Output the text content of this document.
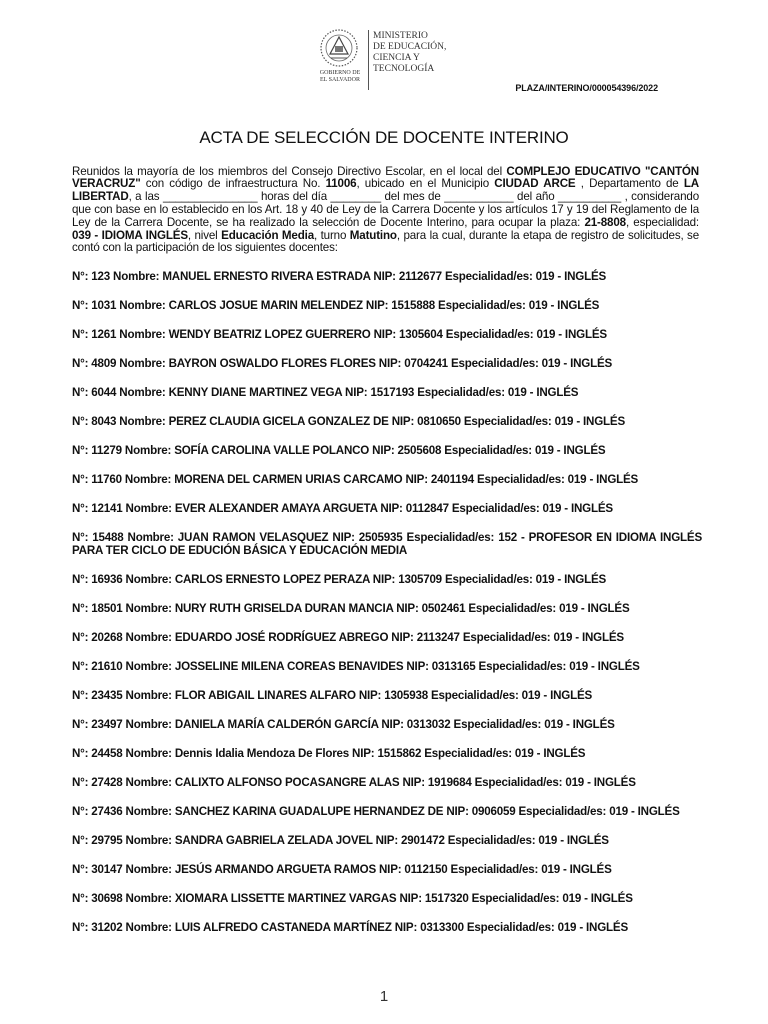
GOBIERNO DE
EL SALVADOR
MINISTERIO
DE EDUCACIÓN,
CIENCIA Y
TECNOLOGÍA
PLAZA/INTERINO/000054396/2022
ACTA DE SELECCIÓN DE DOCENTE INTERINO

Reunidos la mayoría de los miembros del Consejo Directivo Escolar, en el local del COMPLEJO EDUCATIVO "CANTÓN VERACRUZ" con código de infraestructura No. 11006, ubicado en el Municipio CIUDAD ARCE , Departamento de LA LIBERTAD, a las _______________ horas del día ________ del mes de ___________ del año __________ , considerando que con base en lo establecido en los Art. 18 y 40 de Ley de la Carrera Docente y los artículos 17 y 19 del Reglamento de la Ley de la Carrera Docente, se ha realizado la selección de Docente Interino, para ocupar la plaza: 21-8808, especialidad: 039 - IDIOMA INGLÉS, nivel Educación Media, turno Matutino, para la cual, durante la etapa de registro de solicitudes, se contó con la participación de los siguientes docentes:

N°: 123 Nombre: MANUEL ERNESTO RIVERA ESTRADA NIP: 2112677 Especialidad/es: 019 - INGLÉS

N°: 1031 Nombre: CARLOS JOSUE MARIN MELENDEZ NIP: 1515888 Especialidad/es: 019 - INGLÉS

N°: 1261 Nombre: WENDY BEATRIZ LOPEZ GUERRERO NIP: 1305604 Especialidad/es: 019 - INGLÉS

N°: 4809 Nombre: BAYRON OSWALDO FLORES FLORES NIP: 0704241 Especialidad/es: 019 - INGLÉS

N°: 6044 Nombre: KENNY DIANE MARTINEZ VEGA NIP: 1517193 Especialidad/es: 019 - INGLÉS

N°: 8043 Nombre: PEREZ CLAUDIA GICELA GONZALEZ DE NIP: 0810650 Especialidad/es: 019 - INGLÉS

N°: 11279 Nombre: SOFÍA CAROLINA VALLE POLANCO NIP: 2505608 Especialidad/es: 019 - INGLÉS

N°: 11760 Nombre: MORENA DEL CARMEN URIAS CARCAMO NIP: 2401194 Especialidad/es: 019 - INGLÉS

N°: 12141 Nombre: EVER ALEXANDER AMAYA ARGUETA NIP: 0112847 Especialidad/es: 019 - INGLÉS

N°: 15488 Nombre: JUAN RAMON VELASQUEZ NIP: 2505935 Especialidad/es: 152 - PROFESOR EN IDIOMA INGLÉS PARA TER CICLO DE EDUCIÓN BÁSICA Y EDUCACIÓN MEDIA

N°: 16936 Nombre: CARLOS ERNESTO LOPEZ PERAZA NIP: 1305709 Especialidad/es: 019 - INGLÉS

N°: 18501 Nombre: NURY RUTH GRISELDA DURAN MANCIA NIP: 0502461 Especialidad/es: 019 - INGLÉS

N°: 20268 Nombre: EDUARDO JOSÉ RODRÍGUEZ ABREGO NIP: 2113247 Especialidad/es: 019 - INGLÉS

N°: 21610 Nombre: JOSSELINE MILENA COREAS BENAVIDES NIP: 0313165 Especialidad/es: 019 - INGLÉS

N°: 23435 Nombre: FLOR ABIGAIL LINARES ALFARO NIP: 1305938 Especialidad/es: 019 - INGLÉS

N°: 23497 Nombre: DANIELA MARÍA CALDERÓN GARCÍA NIP: 0313032 Especialidad/es: 019 - INGLÉS

N°: 24458 Nombre: Dennis Idalia Mendoza De Flores NIP: 1515862 Especialidad/es: 019 - INGLÉS

N°: 27428 Nombre: CALIXTO ALFONSO POCASANGRE ALAS NIP: 1919684 Especialidad/es: 019 - INGLÉS

N°: 27436 Nombre: SANCHEZ KARINA GUADALUPE HERNANDEZ DE NIP: 0906059 Especialidad/es: 019 - INGLÉS

N°: 29795 Nombre: SANDRA GABRIELA ZELADA JOVEL NIP: 2901472 Especialidad/es: 019 - INGLÉS

N°: 30147 Nombre: JESÚS ARMANDO ARGUETA RAMOS NIP: 0112150 Especialidad/es: 019 - INGLÉS

N°: 30698 Nombre: XIOMARA LISSETTE MARTINEZ VARGAS NIP: 1517320 Especialidad/es: 019 - INGLÉS

N°: 31202 Nombre: LUIS ALFREDO CASTANEDA MARTÍNEZ NIP: 0313300 Especialidad/es: 019 - INGLÉS

1
